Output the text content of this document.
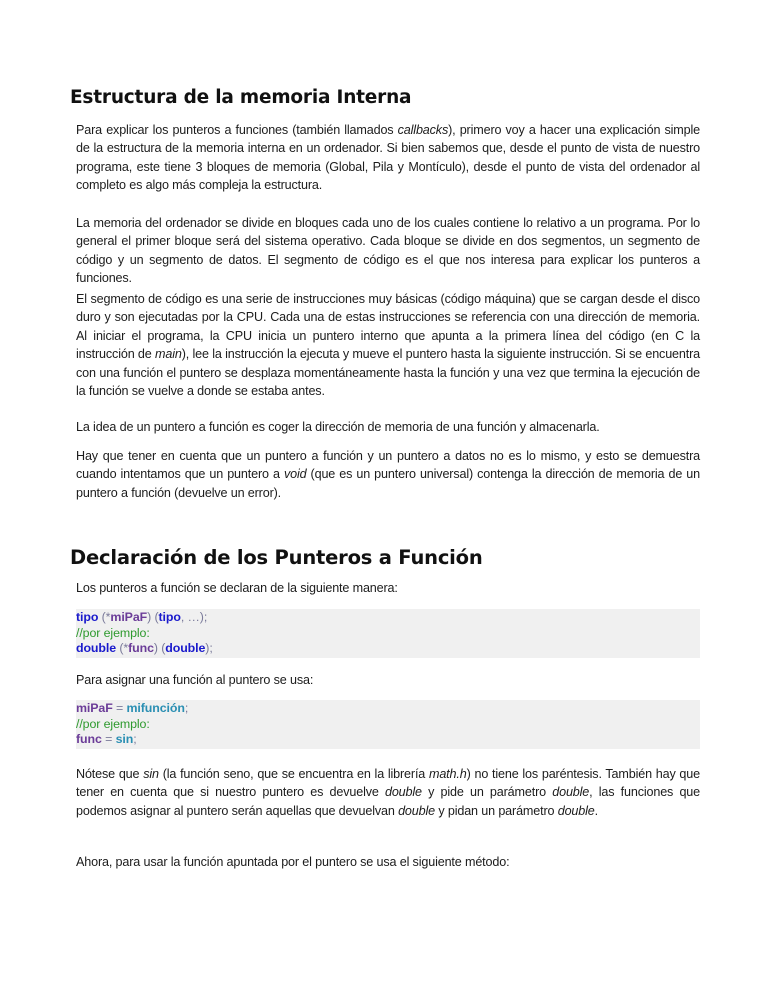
Estructura de la memoria Interna

Para explicar los punteros a funciones (también llamados callbacks), primero voy a hacer una explicación simple de la estructura de la memoria interna en un ordenador. Si bien sabemos que, desde el punto de vista de nuestro programa, este tiene 3 bloques de memoria (Global, Pila y Montículo), desde el punto de vista del ordenador al completo es algo más compleja la estructura.

La memoria del ordenador se divide en bloques cada uno de los cuales contiene lo relativo a un programa. Por lo general el primer bloque será del sistema operativo. Cada bloque se divide en dos segmentos, un segmento de código y un segmento de datos. El segmento de código es el que nos interesa para explicar los punteros a funciones.

El segmento de código es una serie de instrucciones muy básicas (código máquina) que se cargan desde el disco duro y son ejecutadas por la CPU. Cada una de estas instrucciones se referencia con una dirección de memoria. Al iniciar el programa, la CPU inicia un puntero interno que apunta a la primera línea del código (en C la instrucción de main), lee la instrucción la ejecuta y mueve el puntero hasta la siguiente instrucción. Si se encuentra con una función el puntero se desplaza momentáneamente hasta la función y una vez que termina la ejecución de la función se vuelve a donde se estaba antes.

La idea de un puntero a función es coger la dirección de memoria de una función y almacenarla.

Hay que tener en cuenta que un puntero a función y un puntero a datos no es lo mismo, y esto se demuestra cuando intentamos que un puntero a void (que es un puntero universal) contenga la dirección de memoria de un puntero a función (devuelve un error).

Declaración de los Punteros a Función

Los punteros a función se declaran de la siguiente manera:

tipo (*miPaF) (tipo, …);
//por ejemplo:
double (*func) (double);

Para asignar una función al puntero se usa:

miPaF = mifunción;
//por ejemplo:
func = sin;

Nótese que sin (la función seno, que se encuentra en la librería math.h) no tiene los paréntesis. También hay que tener en cuenta que si nuestro puntero es devuelve double y pide un parámetro double, las funciones que podemos asignar al puntero serán aquellas que devuelvan double y pidan un parámetro double.

Ahora, para usar la función apuntada por el puntero se usa el siguiente método:
